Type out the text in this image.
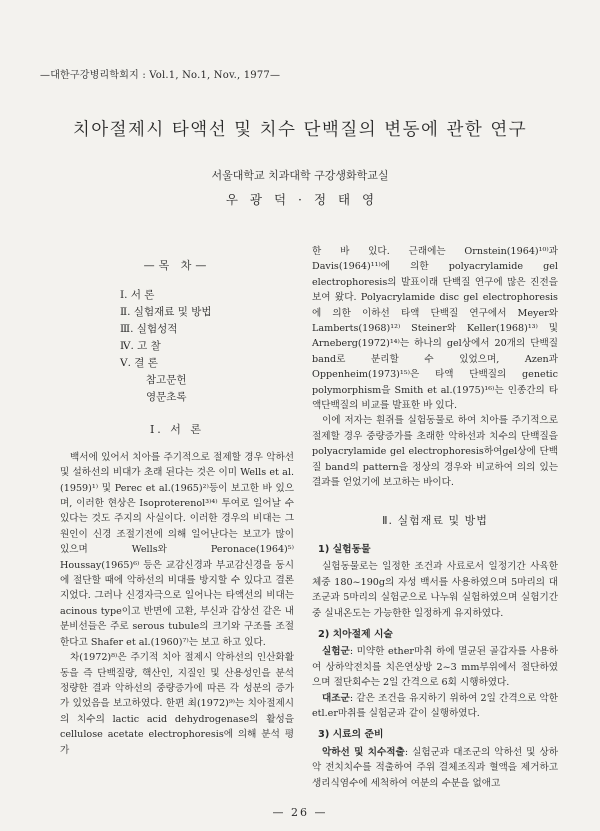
—대한구강병리학회지 : Vol.1, No.1, Nov., 1977—
치아절제시 타액선 및 치수 단백질의 변동에 관한 연구
서울대학교 치과대학 구강생화학교실
우 광 덕 · 정 태 영
—목 차—
Ⅰ. 서 론
Ⅱ. 실험재료 및 방법
Ⅲ. 실험성적
Ⅳ. 고 찰
Ⅴ. 결 론
참고문헌
영문초록
Ⅰ. 서 론

백서에 있어서 치아를 주기적으로 절제할 경우 악하선 및 설하선의 비대가 초래 된다는 것은 이미 Wells et al.(1959)¹⁾ 및 Perec et al.(1965)²⁾등이 보고한 바 있으며, 이러한 현상은 Isoproterenol³⁾⁴⁾ 투여로 일어날 수 있다는 것도 주지의 사실이다. 이러한 경우의 비대는 그 원인이 신경 조절기전에 의해 일어난다는 보고가 많이 있으며 Wells와 Peronace(1964)⁵⁾ Houssay(1965)⁶⁾ 등은 교감신경과 부교감신경을 동시에 절단할 때에 악하선의 비대를 방지할 수 있다고 결론지었다. 그러나 신경자극으로 일어나는 타액선의 비대는 acinous type이고 반면에 고환, 부신과 갑상선 같은 내분비선들은 주로 serous tubule의 크기와 구조를 조절한다고 Shafer et al.(1960)⁷⁾는 보고 하고 있다.

차(1972)⁸⁾은 주기적 치아 절제시 악하선의 인산화활동을 즉 단백질량, 핵산인, 지질인 및 산용성인을 분석 정량한 결과 악하선의 중량증가에 따른 각 성분의 증가가 있었음을 보고하였다. 한편 최(1972)⁹⁾는 치아절제시의 치수의 lactic acid dehydrogenase의 활성을 cellulose acetate electrophoresis에 의해 분석 평가

한 바 있다. 근래에는 Ornstein(1964)¹⁰⁾과 Davis(1964)¹¹⁾에 의한 polyacrylamide gel electrophoresis의 발표이래 단백질 연구에 많은 진전을 보여 왔다. Polyacrylamide disc gel electrophoresis에 의한 이하선 타액 단백질 연구에서 Meyer와 Lamberts(1968)¹²⁾ Steiner와 Keller(1968)¹³⁾ 및 Arneberg(1972)¹⁴⁾는 하나의 gel상에서 20개의 단백질 band로 분리할 수 있었으며, Azen과 Oppenheim(1973)¹⁵⁾은 타액 단백질의 genetic polymorphism을 Smith et al.(1975)¹⁶⁾는 인종간의 타액단백질의 비교를 발표한 바 있다.

이에 저자는 흰쥐를 실험동물로 하여 치아를 주기적으로 절제할 경우 중량증가를 초래한 악하선과 치수의 단백질을 polyacrylamide gel electrophoresis하여gel상에 단백질 band의 pattern을 정상의 경우와 비교하여 의의 있는 결과를 얻었기에 보고하는 바이다.

Ⅱ. 실험재료 및 방법
1) 실험동물

실험동물로는 일정한 조건과 사료로서 일정기간 사육한 체중 180~190g의 자성 백서를 사용하였으며 5마리의 대조군과 5마리의 실험군으로 나누워 실험하였으며 실험기간중 실내온도는 가능한한 일정하게 유지하였다.

2) 치아절제 시술

실험군: 미약한 ether마취 하에 멸균된 골갑자를 사용하여 상하악전치를 치은연상방 2~3 mm부위에서 절단하였으며 절단회수는 2일 간격으로 6회 시행하였다.

대조군: 같은 조건을 유지하기 위하여 2일 간격으로 악한 etl.er마취를 실험군과 같이 실행하였다.

3) 시료의 준비

악하선 및 치수적출: 실험군과 대조군의 악하선 및 상하악 전치치수를 적출하여 주위 결체조직과 혈액을 제거하고 생리식염수에 세척하여 여분의 수분을 없애고

— 26 —
